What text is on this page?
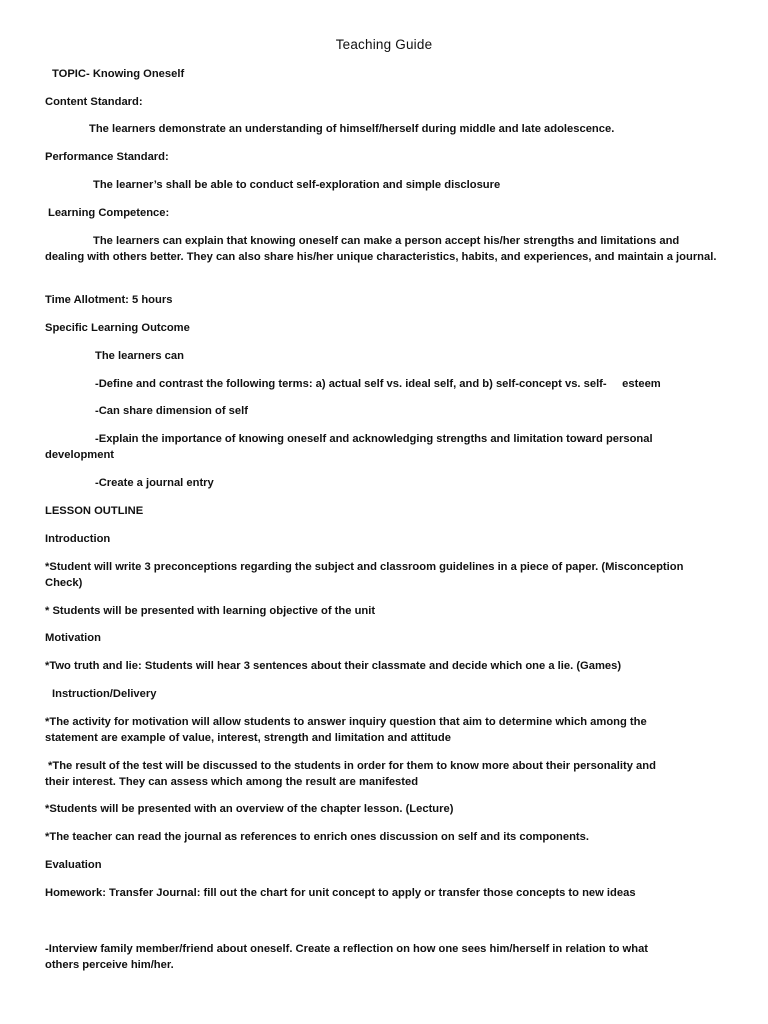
Teaching Guide
TOPIC- Knowing Oneself
Content Standard:
The learners demonstrate an understanding of himself/herself during middle and late adolescence.
Performance Standard:
The learner’s shall be able to conduct self-exploration and simple disclosure
Learning Competence:
The learners can explain that knowing oneself can make a person accept his/her strengths and limitations and
dealing with others better. They can also share his/her unique characteristics, habits, and experiences, and maintain a journal.
Time Allotment: 5 hours
Specific Learning Outcome
The learners can
-Define and contrast the following terms: a) actual self vs. ideal self, and b) self-concept vs. self-     esteem
-Can share dimension of self
-Explain the importance of knowing oneself and acknowledging strengths and limitation toward personal
development
-Create a journal entry
LESSON OUTLINE
Introduction
*Student will write 3 preconceptions regarding the subject and classroom guidelines in a piece of paper. (Misconception
Check)
* Students will be presented with learning objective of the unit
Motivation
*Two truth and lie: Students will hear 3 sentences about their classmate and decide which one a lie. (Games)
Instruction/Delivery
*The activity for motivation will allow students to answer inquiry question that aim to determine which among the
statement are example of value, interest, strength and limitation and attitude
*The result of the test will be discussed to the students in order for them to know more about their personality and
their interest. They can assess which among the result are manifested
*Students will be presented with an overview of the chapter lesson. (Lecture)
*The teacher can read the journal as references to enrich ones discussion on self and its components.
Evaluation
Homework: Transfer Journal: fill out the chart for unit concept to apply or transfer those concepts to new ideas
-Interview family member/friend about oneself. Create a reflection on how one sees him/herself in relation to what
others perceive him/her.
